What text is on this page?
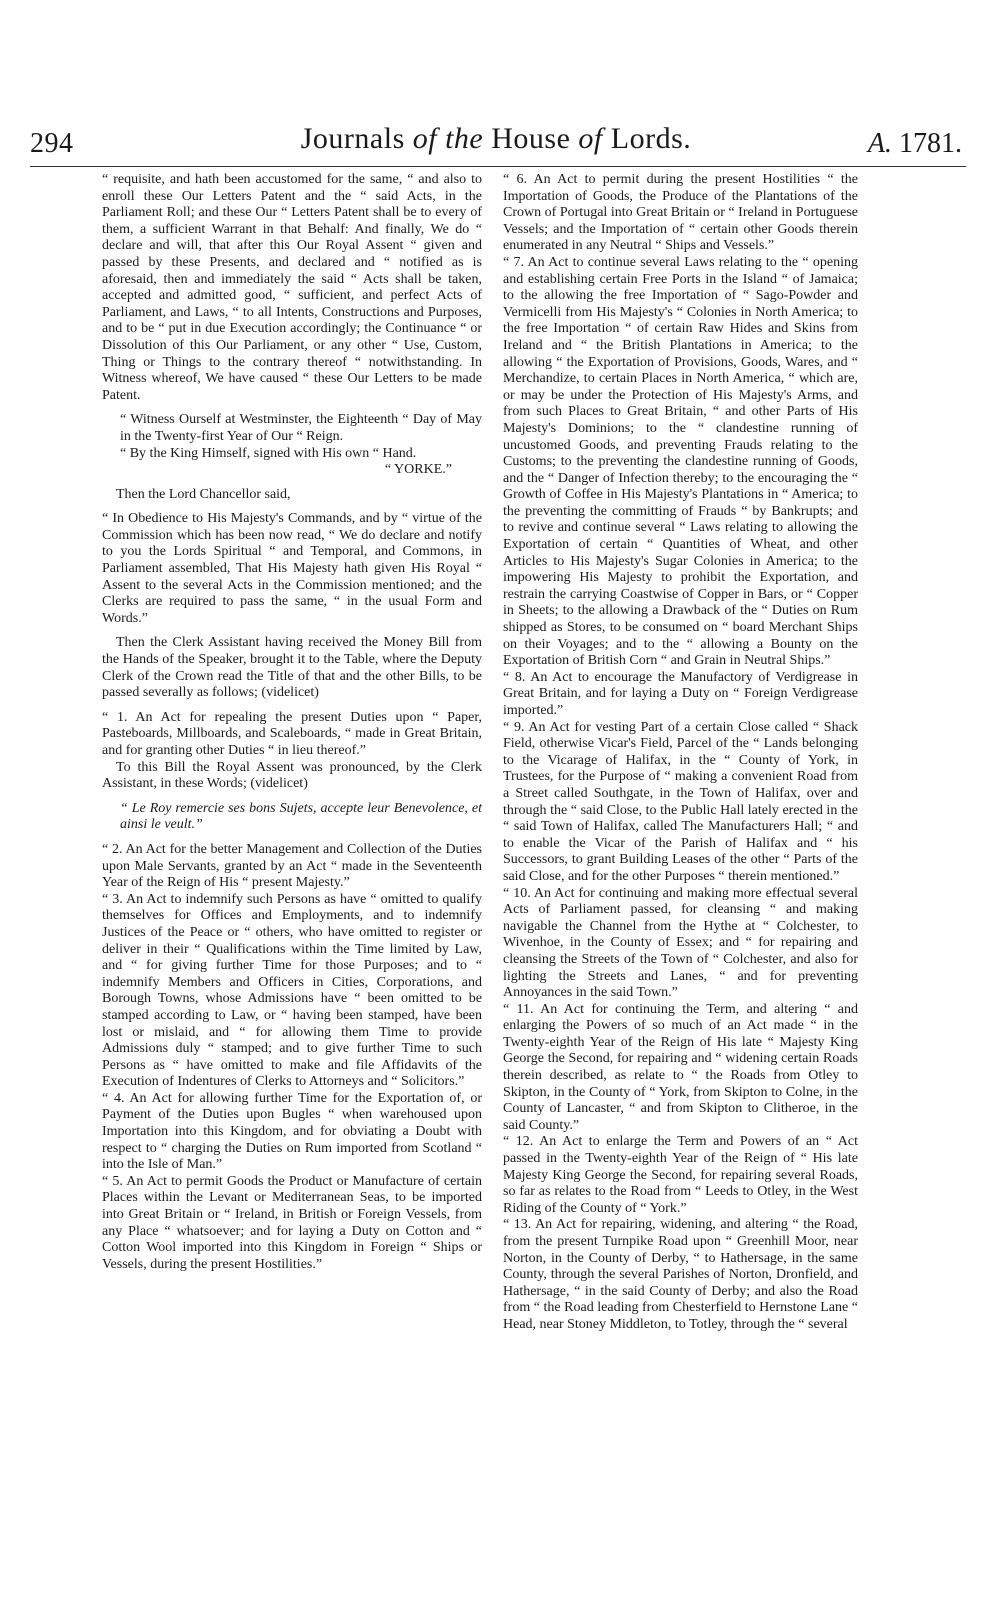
294	Journals of the House of Lords.	A. 1781.

“ requisite, and hath been accustomed for the same, “ and also to enroll these Our Letters Patent and the “ said Acts, in the Parliament Roll; and these Our “ Letters Patent shall be to every of them, a sufficient Warrant in that Behalf: And finally, We do “ declare and will, that after this Our Royal Assent “ given and passed by these Presents, and declared and “ notified as is aforesaid, then and immediately the said “ Acts shall be taken, accepted and admitted good, “ sufficient, and perfect Acts of Parliament, and Laws, “ to all Intents, Constructions and Purposes, and to be “ put in due Execution accordingly; the Continuance “ or Dissolution of this Our Parliament, or any other “ Use, Custom, Thing or Things to the contrary thereof “ notwithstanding. In Witness whereof, We have caused “ these Our Letters to be made Patent.

“ Witness Ourself at Westminster, the Eighteenth “ Day of May in the Twenty-first Year of Our “ Reign.

“ By the King Himself, signed with His own “ Hand.

“ YORKE.”

Then the Lord Chancellor said,

“ In Obedience to His Majesty's Commands, and by “ virtue of the Commission which has been now read, “ We do declare and notify to you the Lords Spiritual “ and Temporal, and Commons, in Parliament assembled, That His Majesty hath given His Royal “ Assent to the several Acts in the Commission mentioned; and the Clerks are required to pass the same, “ in the usual Form and Words.”

Then the Clerk Assistant having received the Money Bill from the Hands of the Speaker, brought it to the Table, where the Deputy Clerk of the Crown read the Title of that and the other Bills, to be passed severally as follows; (videlicet)

“ 1. An Act for repealing the present Duties upon “ Paper, Pasteboards, Millboards, and Scaleboards, “ made in Great Britain, and for granting other Duties “ in lieu thereof.”

To this Bill the Royal Assent was pronounced, by the Clerk Assistant, in these Words; (videlicet)

“ Le Roy remercie ses bons Sujets, accepte leur Benevolence, et ainsi le veult.”

“ 2. An Act for the better Management and Collection of the Duties upon Male Servants, granted by an Act “ made in the Seventeenth Year of the Reign of His “ present Majesty.”

“ 3. An Act to indemnify such Persons as have “ omitted to qualify themselves for Offices and Employments, and to indemnify Justices of the Peace or “ others, who have omitted to register or deliver in their “ Qualifications within the Time limited by Law, and “ for giving further Time for those Purposes; and to “ indemnify Members and Officers in Cities, Corporations, and Borough Towns, whose Admissions have “ been omitted to be stamped according to Law, or “ having been stamped, have been lost or mislaid, and “ for allowing them Time to provide Admissions duly “ stamped; and to give further Time to such Persons as “ have omitted to make and file Affidavits of the Execution of Indentures of Clerks to Attorneys and “ Solicitors.”

“ 4. An Act for allowing further Time for the Exportation of, or Payment of the Duties upon Bugles “ when warehoused upon Importation into this Kingdom, and for obviating a Doubt with respect to “ charging the Duties on Rum imported from Scotland “ into the Isle of Man.”

“ 5. An Act to permit Goods the Product or Manufacture of certain Places within the Levant or Mediterranean Seas, to be imported into Great Britain or “ Ireland, in British or Foreign Vessels, from any Place “ whatsoever; and for laying a Duty on Cotton and “ Cotton Wool imported into this Kingdom in Foreign “ Ships or Vessels, during the present Hostilities.”

“ 6. An Act to permit during the present Hostilities “ the Importation of Goods, the Produce of the Plantations of the Crown of Portugal into Great Britain or “ Ireland in Portuguese Vessels; and the Importation of “ certain other Goods therein enumerated in any Neutral “ Ships and Vessels.”

“ 7. An Act to continue several Laws relating to the “ opening and establishing certain Free Ports in the Island “ of Jamaica; to the allowing the free Importation of “ Sago-Powder and Vermicelli from His Majesty's “ Colonies in North America; to the free Importation “ of certain Raw Hides and Skins from Ireland and “ the British Plantations in America; to the allowing “ the Exportation of Provisions, Goods, Wares, and “ Merchandize, to certain Places in North America, “ which are, or may be under the Protection of His Majesty's Arms, and from such Places to Great Britain, “ and other Parts of His Majesty's Dominions; to the “ clandestine running of uncustomed Goods, and preventing Frauds relating to the Customs; to the preventing the clandestine running of Goods, and the “ Danger of Infection thereby; to the encouraging the “ Growth of Coffee in His Majesty's Plantations in “ America; to the preventing the committing of Frauds “ by Bankrupts; and to revive and continue several “ Laws relating to allowing the Exportation of certain “ Quantities of Wheat, and other Articles to His Majesty's Sugar Colonies in America; to the impowering His Majesty to prohibit the Exportation, and restrain the carrying Coastwise of Copper in Bars, or “ Copper in Sheets; to the allowing a Drawback of the “ Duties on Rum shipped as Stores, to be consumed on “ board Merchant Ships on their Voyages; and to the “ allowing a Bounty on the Exportation of British Corn “ and Grain in Neutral Ships.”

“ 8. An Act to encourage the Manufactory of Verdigrease in Great Britain, and for laying a Duty on “ Foreign Verdigrease imported.”

“ 9. An Act for vesting Part of a certain Close called “ Shack Field, otherwise Vicar's Field, Parcel of the “ Lands belonging to the Vicarage of Halifax, in the “ County of York, in Trustees, for the Purpose of “ making a convenient Road from a Street called Southgate, in the Town of Halifax, over and through the “ said Close, to the Public Hall lately erected in the “ said Town of Halifax, called The Manufacturers Hall; “ and to enable the Vicar of the Parish of Halifax and “ his Successors, to grant Building Leases of the other “ Parts of the said Close, and for the other Purposes “ therein mentioned.”

“ 10. An Act for continuing and making more effectual several Acts of Parliament passed, for cleansing “ and making navigable the Channel from the Hythe at “ Colchester, to Wivenhoe, in the County of Essex; and “ for repairing and cleansing the Streets of the Town of “ Colchester, and also for lighting the Streets and Lanes, “ and for preventing Annoyances in the said Town.”

“ 11. An Act for continuing the Term, and altering “ and enlarging the Powers of so much of an Act made “ in the Twenty-eighth Year of the Reign of His late “ Majesty King George the Second, for repairing and “ widening certain Roads therein described, as relate to “ the Roads from Otley to Skipton, in the County of “ York, from Skipton to Colne, in the County of Lancaster, “ and from Skipton to Clitheroe, in the said County.”

“ 12. An Act to enlarge the Term and Powers of an “ Act passed in the Twenty-eighth Year of the Reign of “ His late Majesty King George the Second, for repairing several Roads, so far as relates to the Road from “ Leeds to Otley, in the West Riding of the County of “ York.”

“ 13. An Act for repairing, widening, and altering “ the Road, from the present Turnpike Road upon “ Greenhill Moor, near Norton, in the County of Derby, “ to Hathersage, in the same County, through the several Parishes of Norton, Dronfield, and Hathersage, “ in the said County of Derby; and also the Road from “ the Road leading from Chesterfield to Hernstone Lane “ Head, near Stoney Middleton, to Totley, through the “ several
